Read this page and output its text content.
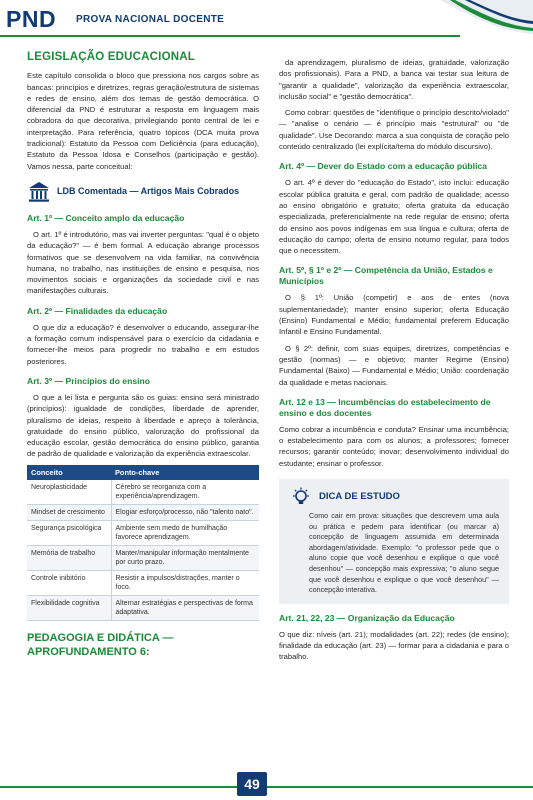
PND PROVA NACIONAL DOCENTE
LEGISLAÇÃO EDUCACIONAL
Este capítulo consolida o bloco que pressiona nos cargos sobre as bancas: princípios e diretrizes, regras geração/estrutura de sistemas e redes de ensino, além dos temas de gestão democrática. O diferencial da PND é estruturar a resposta em linguagem mais cobradora do que decorativa, privilegiando ponto central de lei e interpretação. Para referência, quatro tópicos (DCA muita prova tradicional): Estatuto da Pessoa com Deficiência (para educação), Estatuto da Pessoa Idosa e Conselhos (participação e gestão). Vamos nessa, parte conceitual:
LDB Comentada — Artigos Mais Cobrados
Art. 1º — Conceito amplo da educação
O art. 1º é introdutório, mas vai inverter perguntas: "qual é o objeto da educação?" — é bem formal. A educação abrange processos formativos que se desenvolvem na vida familiar, na convivência humana, no trabalho, nas instituições de ensino e pesquisa, nos movimentos sociais e organizações da sociedade civil e nas manifestações culturais.
Art. 2º — Finalidades da educação
O que diz a educação? é desenvolver o educando, assegurar-lhe a formação comum indispensável para o exercício da cidadania e fornecer-lhe meios para progredir no trabalho e em estudos posteriores.
Art. 3º — Princípios do ensino
O que a lei lista e pergunta são os guias: ensino será ministrado (princípios): igualdade de condições, liberdade de aprender, pluralismo de ideias, respeito à liberdade e apreço à tolerância, gratuidade do ensino público, valorização do profissional da educação escolar, gestão democrática do ensino público, garantia de padrão de qualidade e valorização da experiência extraescolar.
Conceito	Ponto-chave
Neuroplasticidade	Cérebro se reorganiza com a experiência/aprendizagem.
Mindset de crescimento	Elogiar esforço/processo, não "talento nato".
Segurança psicológica	Ambiente sem medo de humilhação favorece aprendizagem.
Memória de trabalho	Manter/manipular informação mentalmente por curto prazo.
Controle inibitório	Resistir a impulsos/distrações, manter o foco.
Flexibilidade cognitiva	Alternar estratégias e perspectivas de forma adaptativa.
PEDAGOGIA E DIDÁTICA — APROFUNDAMENTO 6:
da aprendizagem, pluralismo de ideias, gratuidade, valorização dos profissionais). Para a PND, a banca vai testar sua leitura de "garantir a qualidade", valorização da experiência extraescolar, inclusão social" e "gestão democrática".
Como cobrar: questões de "identifique o princípio descrito/violado" — "analise o cenário — é princípio mais "estrutural" ou "de qualidade". Use Decorando: marca a sua conquista de coração pelo conteúdo centralizado (lei explícita/tema do módulo discursivo).
Art. 4º — Dever do Estado com a educação pública
O art. 4º é dever do "educação do Estado", isto inclui: educação escolar pública gratuita e geral, com padrão de qualidade; acesso ao ensino obrigatório e gratuito; oferta gratuita da educação especializada, preferencialmente na rede regular de ensino; oferta do ensino aos povos indígenas em sua língua e cultura; oferta de educação do campo; oferta de ensino noturno regular, para todos que o necessitem.
Art. 5º, § 1º e 2º — Competência da União, Estados e Municípios
O § 1º: União (competir) e aos de entes (nova suplementariedade); manter ensino superior; oferta Educação (Ensino) Fundamental e Médio; fundamental preferem Educação Infantil e Ensino Fundamental.
O § 2º: definir, com suas equipes, diretrizes, competências e gestão (normas) — e objetivo; manter Regime (Ensino) Fundamental (Baixo) — Fundamental e Médio; União: coordenação da qualidade e metas nacionais.
Art. 12 e 13 — Incumbências do estabelecimento de ensino e dos docentes
Como cobrar a incumbência e conduta? Ensinar uma incumbência; o estabelecimento para com os alunos; a professores; fornecer recursos; garantir conteúdo; inovar; desenvolvimento individual do estudante; ensinar o professor.
DICA DE ESTUDO
Como cair em prova: situações que descrevem uma aula ou prática e pedem para identificar (ou marcar a) concepção de linguagem assumida em determinada abordagem/atividade. Exemplo: "o professor pede que o aluno copie que você desenhou e explique o que você desenhou" — concepção mais expressiva; "o aluno segue que você desenhou e explique o que você desenhou" — concepção interativa.
Art. 21, 22, 23 — Organização da Educação
O que diz: níveis (art. 21); modalidades (art. 22); redes (de ensino); finalidade da educação (art. 23) — formar para a cidadania e para o trabalho.
49
